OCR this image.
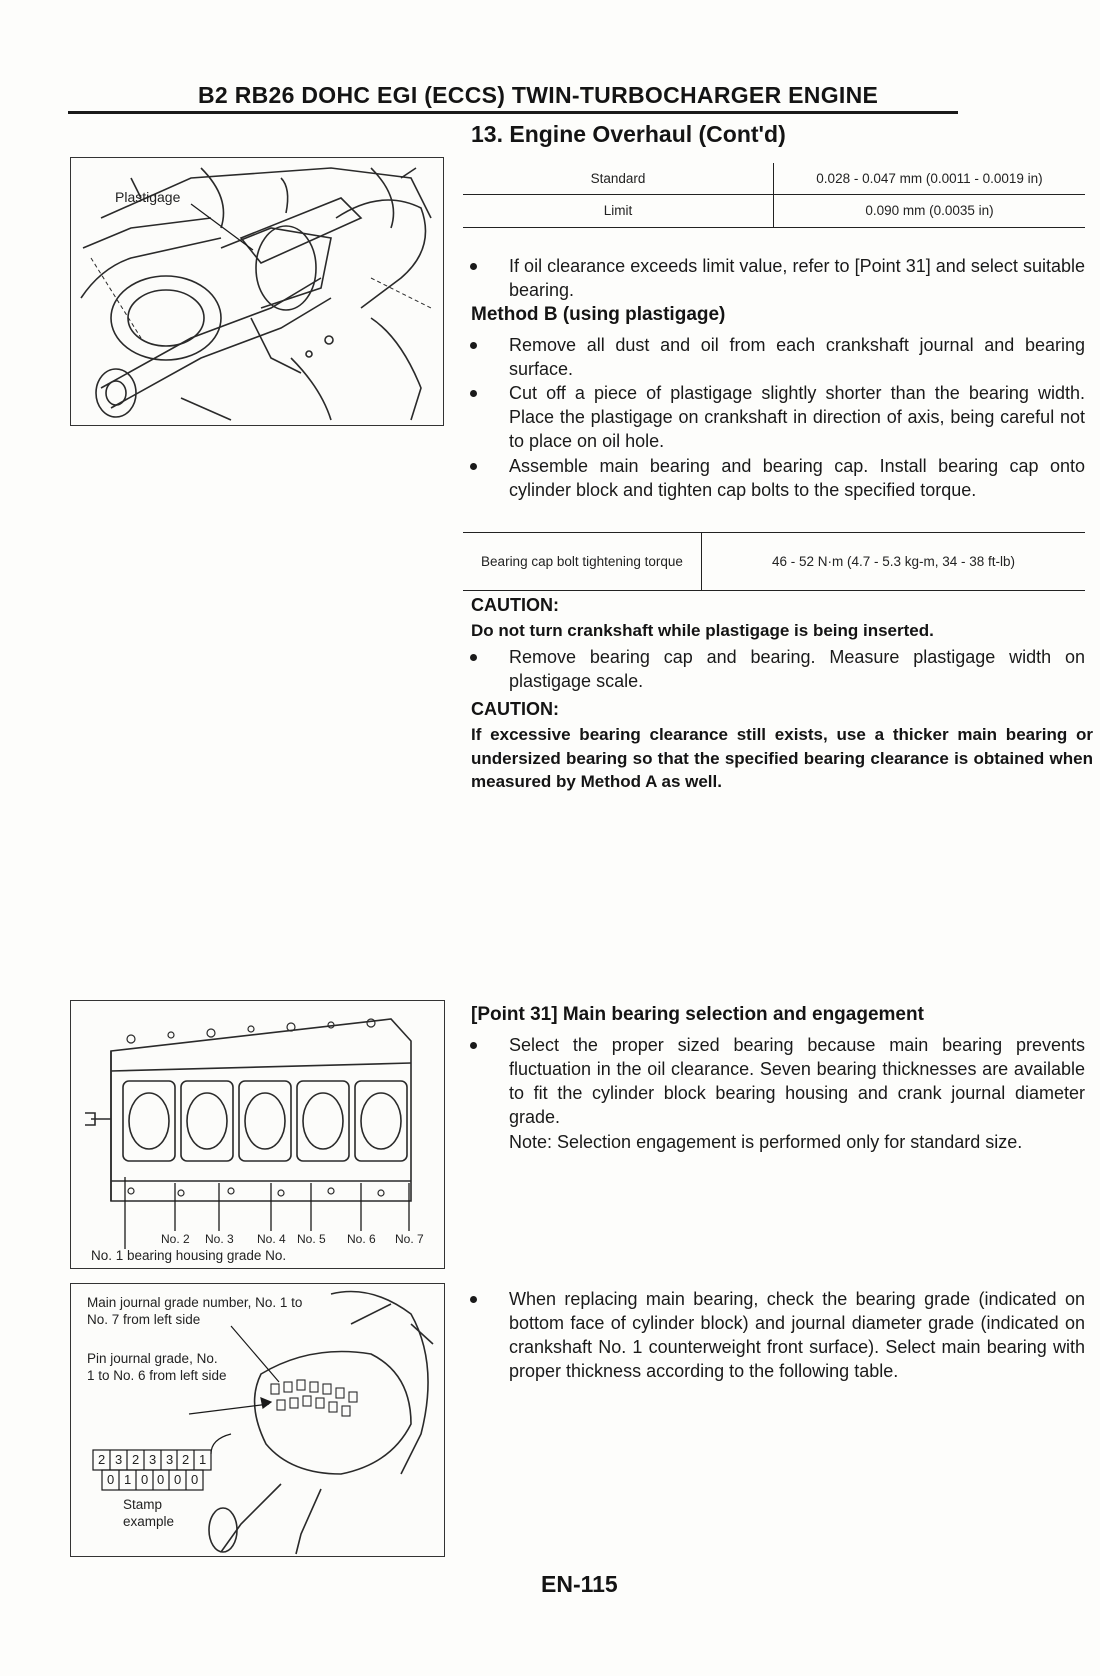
B2 RB26 DOHC EGI (ECCS) TWIN-TURBOCHARGER ENGINE
13. Engine Overhaul (Cont'd)
Plastigage
Standard	0.028 - 0.047 mm (0.0011 - 0.0019 in)
Limit	0.090 mm (0.0035 in)
If oil clearance exceeds limit value, refer to [Point 31] and select suitable bearing.
Method B (using plastigage)
Remove all dust and oil from each crankshaft journal and bearing surface.
Cut off a piece of plastigage slightly shorter than the bearing width. Place the plastigage on crankshaft in direction of axis, being careful not to place on oil hole.
Assemble main bearing and bearing cap. Install bearing cap onto cylinder block and tighten cap bolts to the specified torque.
Bearing cap bolt tightening torque	46 - 52 N·m (4.7 - 5.3 kg-m, 34 - 38 ft-lb)
CAUTION:
Do not turn crankshaft while plastigage is being inserted.
Remove bearing cap and bearing. Measure plastigage width on plastigage scale.
CAUTION:
If excessive bearing clearance still exists, use a thicker main bearing or undersized bearing so that the specified bearing clearance is obtained when measured by Method A as well.
No. 2 No. 3 No. 4 No. 5 No. 6 No. 7
No. 1 bearing housing grade No.
[Point 31] Main bearing selection and engagement
Select the proper sized bearing because main bearing prevents fluctuation in the oil clearance. Seven bearing thicknesses are available to fit the cylinder block bearing housing and crank journal diameter grade.
Note: Selection engagement is performed only for standard size.
Main journal grade number, No. 1 to No. 7 from left side
Pin journal grade, No. 1 to No. 6 from left side
2 3 2 3 3 2 1
0 1 0 0 0 0
Stamp example
When replacing main bearing, check the bearing grade (indicated on bottom face of cylinder block) and journal diameter grade (indicated on crankshaft No. 1 counterweight front surface). Select main bearing with proper thickness according to the following table.
EN-115
